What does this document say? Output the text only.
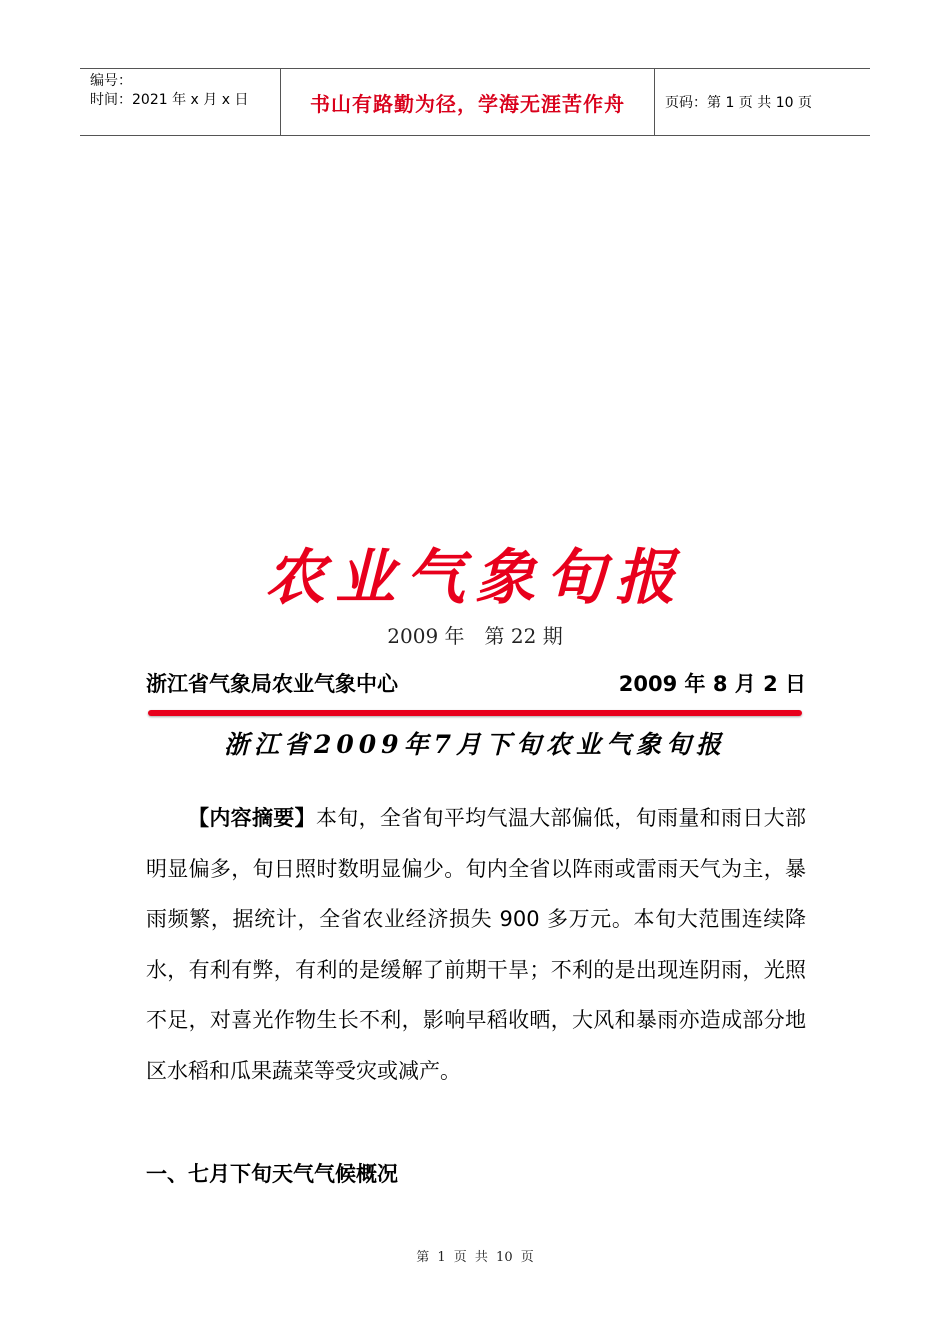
编号：
时间：2021 年 x 月 x 日	书山有路勤为径，学海无涯苦作舟	页码：第 1 页 共 10 页
农业气象旬报
2009 年　第 22 期
浙江省气象局农业气象中心	2009 年 8 月 2 日
浙江省2009年7月下旬农业气象旬报
【内容摘要】本旬，全省旬平均气温大部偏低，旬雨量和雨日大部明显偏多，旬日照时数明显偏少。旬内全省以阵雨或雷雨天气为主，暴雨频繁，据统计，全省农业经济损失 900 多万元。本旬大范围连续降水，有利有弊，有利的是缓解了前期干旱；不利的是出现连阴雨，光照不足，对喜光作物生长不利，影响早稻收晒，大风和暴雨亦造成部分地区水稻和瓜果蔬菜等受灾或减产。
一、七月下旬天气气候概况
第 1 页 共 10 页
